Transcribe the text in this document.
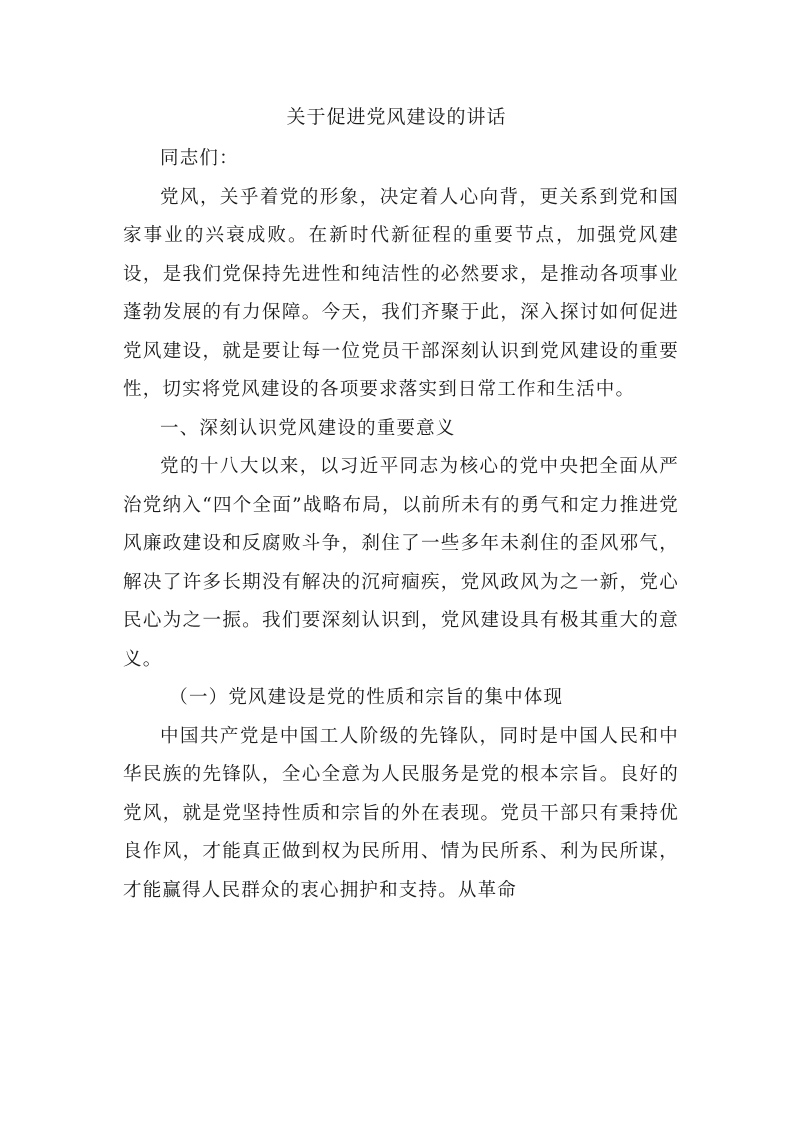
关于促进党风建设的讲话

同志们：

党风，关乎着党的形象，决定着人心向背，更关系到党和国家事业的兴衰成败。在新时代新征程的重要节点，加强党风建设，是我们党保持先进性和纯洁性的必然要求，是推动各项事业蓬勃发展的有力保障。今天，我们齐聚于此，深入探讨如何促进党风建设，就是要让每一位党员干部深刻认识到党风建设的重要性，切实将党风建设的各项要求落实到日常工作和生活中。

一、深刻认识党风建设的重要意义

党的十八大以来，以习近平同志为核心的党中央把全面从严治党纳入“四个全面”战略布局，以前所未有的勇气和定力推进党风廉政建设和反腐败斗争，刹住了一些多年未刹住的歪风邪气，解决了许多长期没有解决的沉疴痼疾，党风政风为之一新，党心民心为之一振。我们要深刻认识到，党风建设具有极其重大的意义。

（一）党风建设是党的性质和宗旨的集中体现

中国共产党是中国工人阶级的先锋队，同时是中国人民和中华民族的先锋队，全心全意为人民服务是党的根本宗旨。良好的党风，就是党坚持性质和宗旨的外在表现。党员干部只有秉持优良作风，才能真正做到权为民所用、情为民所系、利为民所谋，才能赢得人民群众的衷心拥护和支持。从革命
